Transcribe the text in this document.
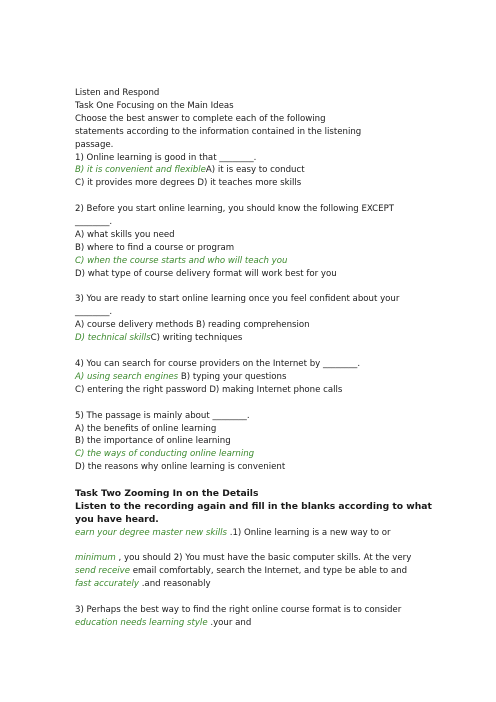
Listen and Respond
Task One Focusing on the Main Ideas
Choose the best answer to complete each of the following
statements according to the information contained in the listening
passage.
1) Online learning is good in that ________.
B) it is convenient and flexibleA) it is easy to conduct
C) it provides more degrees D) it teaches more skills
2) Before you start online learning, you should know the following EXCEPT
________.
A) what skills you need
B) where to find a course or program
C) when the course starts and who will teach you
D) what type of course delivery format will work best for you
3) You are ready to start online learning once you feel confident about your
________.
A) course delivery methods B) reading comprehension
D) technical skillsC) writing techniques
4) You can search for course providers on the Internet by ________.
A) using search engines B) typing your questions
C) entering the right password D) making Internet phone calls
5) The passage is mainly about ________.
A) the benefits of online learning
B) the importance of online learning
C) the ways of conducting online learning
D) the reasons why online learning is convenient
Task Two Zooming In on the Details
Listen to the recording again and fill in the blanks according to what you have heard.
earn your degree master new skills .1) Online learning is a new way to or
minimum , you should 2) You must have the basic computer skills. At the very
send receive email comfortably, search the Internet, and type be able to and
fast accurately .and reasonably
3) Perhaps the best way to find the right online course format is to consider
education needs learning style .your and
